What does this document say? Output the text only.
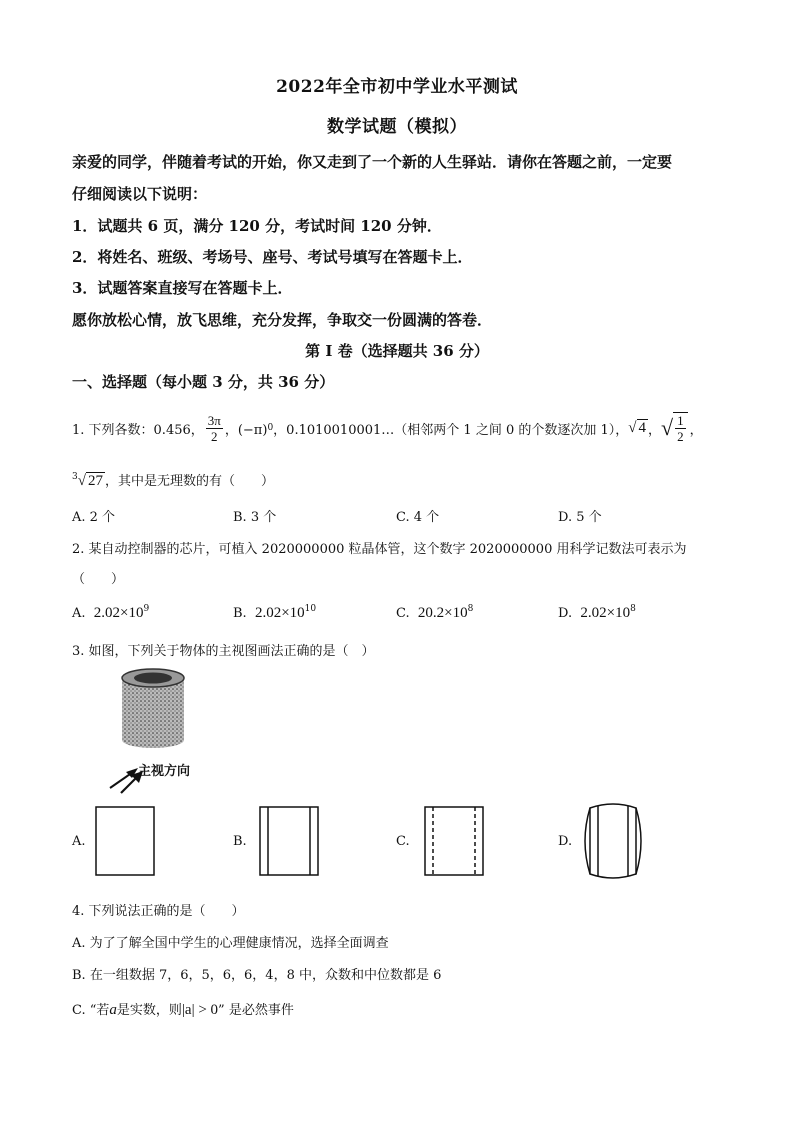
2022年全市初中学业水平测试
数学试题（模拟）
亲爱的同学，伴随着考试的开始，你又走到了一个新的人生驿站．请你在答题之前，一定要
仔细阅读以下说明：
1．试题共 6 页，满分 120 分，考试时间 120 分钟．
2．将姓名、班级、考场号、座号、考试号填写在答题卡上．
3．试题答案直接写在答题卡上．
愿你放松心情，放飞思维，充分发挥，争取交一份圆满的答卷．
第 I 卷（选择题共 36 分）
一、选择题（每小题 3 分，共 36 分）
1. 下列各数：0.456， $\frac{3\pi}{2}$ ，(−π) 0 ，0.1010010001…（相邻两个 1 之间 0 的个数逐次加 1）， √ 4 ， √ $\frac{1}{2}$ ，
$^3$√ 27 ，其中是无理数的有（　　）
A. 2 个	B. 3 个	C. 4 个	D. 5 个
2. 某自动控制器的芯片，可植入 2020000000 粒晶体管，这个数字 2020000000 用科学记数法可表示为
（　　）
A. $2.02\times 10^9$	B. $2.02\times 10^{10}$	C. $20.2\times 10^8$	D. $2.02\times 10^8$
3. 如图，下列关于物体的主视图画法正确的是（　）
主视方向
A.	B.	C.	D.
4. 下列说法正确的是（　　）
A. 为了了解全国中学生的心理健康情况，选择全面调查
B. 在一组数据 7，6，5，6，6，4，8 中，众数和中位数都是 6
C. “若a是实数，则|a| > 0” 是必然事件
